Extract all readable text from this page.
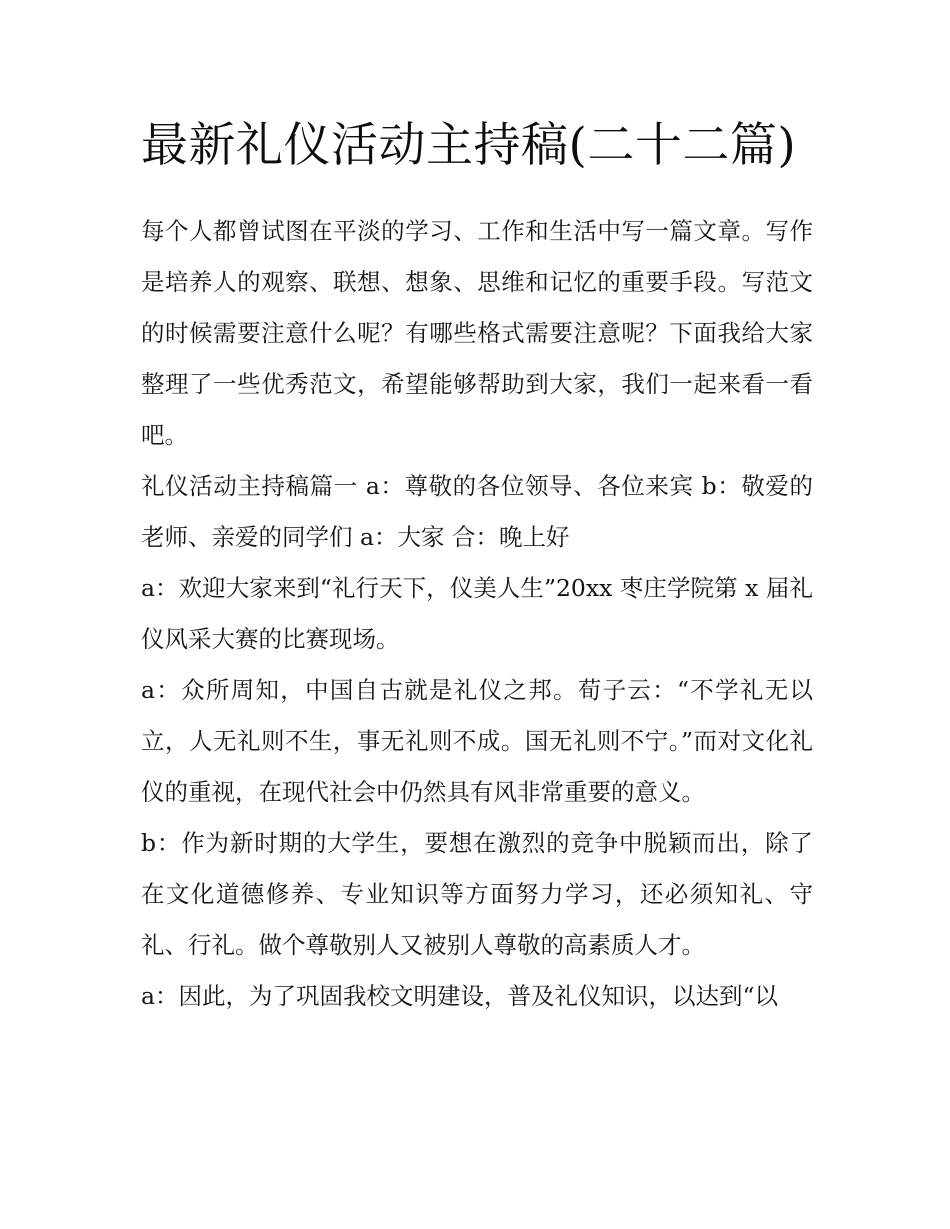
最新礼仪活动主持稿(二十二篇)

每个人都曾试图在平淡的学习、工作和生活中写一篇文章。写作是培养人的观察、联想、想象、思维和记忆的重要手段。写范文的时候需要注意什么呢？有哪些格式需要注意呢？下面我给大家整理了一些优秀范文，希望能够帮助到大家，我们一起来看一看吧。

礼仪活动主持稿篇一 a：尊敬的各位领导、各位来宾 b：敬爱的老师、亲爱的同学们 a：大家 合：晚上好

a：欢迎大家来到“礼行天下，仪美人生”20xx 枣庄学院第 x 届礼仪风采大赛的比赛现场。

a：众所周知，中国自古就是礼仪之邦。荀子云：“不学礼无以立，人无礼则不生，事无礼则不成。国无礼则不宁。”而对文化礼仪的重视，在现代社会中仍然具有风非常重要的意义。

b：作为新时期的大学生，要想在激烈的竞争中脱颖而出，除了在文化道德修养、专业知识等方面努力学习，还必须知礼、守礼、行礼。做个尊敬别人又被别人尊敬的高素质人才。

a：因此，为了巩固我校文明建设，普及礼仪知识，以达到“以
